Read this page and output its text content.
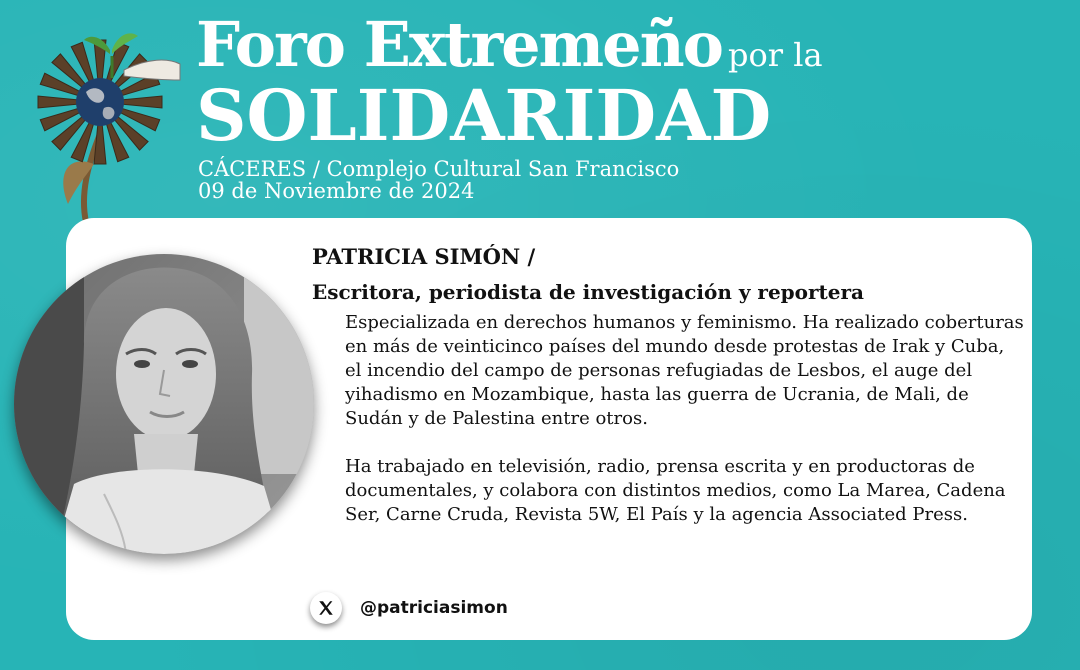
Foro Extremeño por la
SOLIDARIDAD
CÁCERES / Complejo Cultural San Francisco
09 de Noviembre de 2024
PATRICIA SIMÓN /
Escritora, periodista de investigación y reportera

Especializada en derechos humanos y feminismo. Ha realizado coberturas en más de veinticinco países del mundo desde protestas de Irak y Cuba, el incendio del campo de personas refugiadas de Lesbos, el auge del yihadismo en Mozambique, hasta las guerra de Ucrania, de Mali, de Sudán y de Palestina entre otros.

Ha trabajado en televisión, radio, prensa escrita y en productoras de documentales, y colabora con distintos medios, como La Marea, Cadena Ser, Carne Cruda, Revista 5W, El País y la agencia Associated Press.

@patriciasimon
